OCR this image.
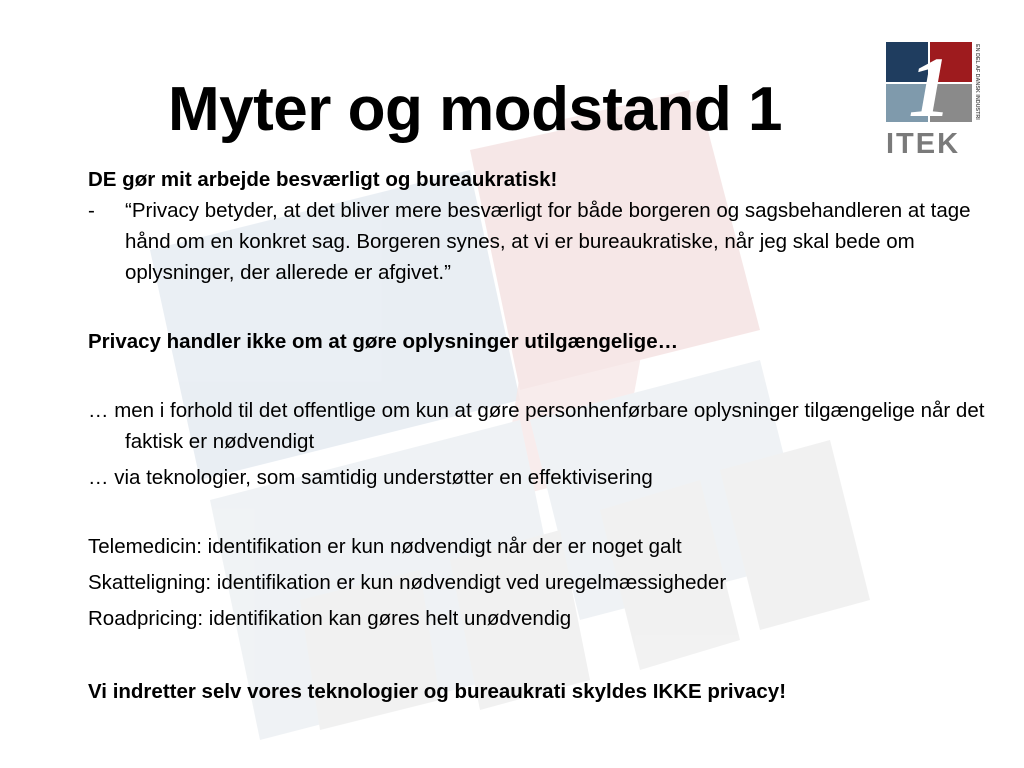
Myter og modstand 1 1
ITEK
EN DEL AF DANSK INDUSTRI

DE gør mit arbejde besværligt og bureaukratisk!

-	“Privacy betyder, at det bliver mere besværligt for både borgeren og sagsbehandleren at tage hånd om en konkret sag. Borgeren synes, at vi er bureaukratiske, når jeg skal bede om oplysninger, der allerede er afgivet.”

Privacy handler ikke om at gøre oplysninger utilgængelige…

… men i forhold til det offentlige om kun at gøre personhenførbare oplysninger tilgængelige når det faktisk er nødvendigt

… via teknologier, som samtidig understøtter en effektivisering

Telemedicin: identifikation er kun nødvendigt når der er noget galt

Skatteligning: identifikation er kun nødvendigt ved uregelmæssigheder

Roadpricing: identifikation kan gøres helt unødvendig

Vi indretter selv vores teknologier og bureaukrati skyldes IKKE privacy!
